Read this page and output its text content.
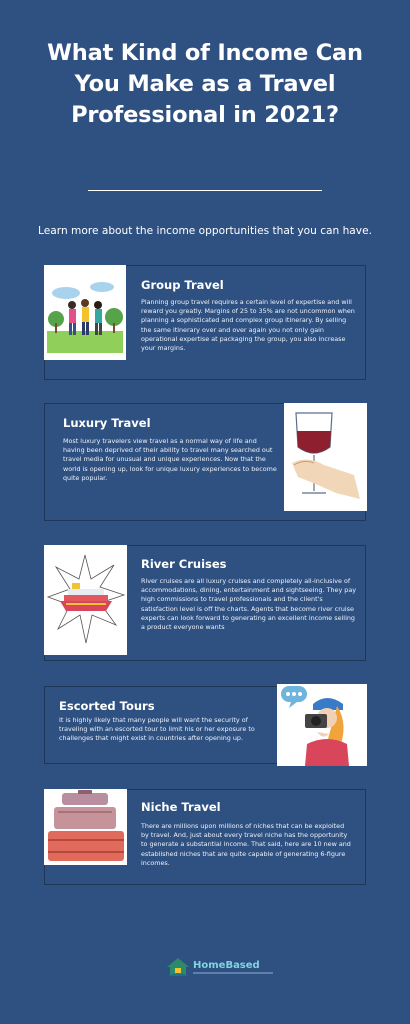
What Kind of Income Can You Make as a Travel Professional in 2021?
Learn more about the income opportunities that you can have.
Group Travel
Planning group travel requires a certain level of expertise and will reward you greatly. Margins of 25 to 35% are not uncommon when planning a sophisticated and complex group itinerary. By selling the same itinerary over and over again you not only gain operational expertise at packaging the group, you also increase your margins.
Luxury Travel
Most luxury travelers view travel as a normal way of life and having been deprived of their ability to travel many searched out travel media for unusual and unique experiences. Now that the world is opening up, look for unique luxury experiences to become quite popular.
River Cruises
River cruises are all luxury cruises and completely all-inclusive of accommodations, dining, entertainment and sightseeing. They pay high commissions to travel professionals and the client's satisfaction level is off the charts. Agents that become river cruise experts can look forward to generating an excellent income selling a product everyone wants
Escorted Tours
It is highly likely that many people will want the security of traveling with an escorted tour to limit his or her exposure to challenges that might exist in countries after opening up.
Niche Travel
There are millions upon millions of niches that can be exploited by travel. And, just about every travel niche has the opportunity to generate a substantial income. That said, here are 10 new and established niches that are quite capable of generating 6-figure incomes.
HomeBased
